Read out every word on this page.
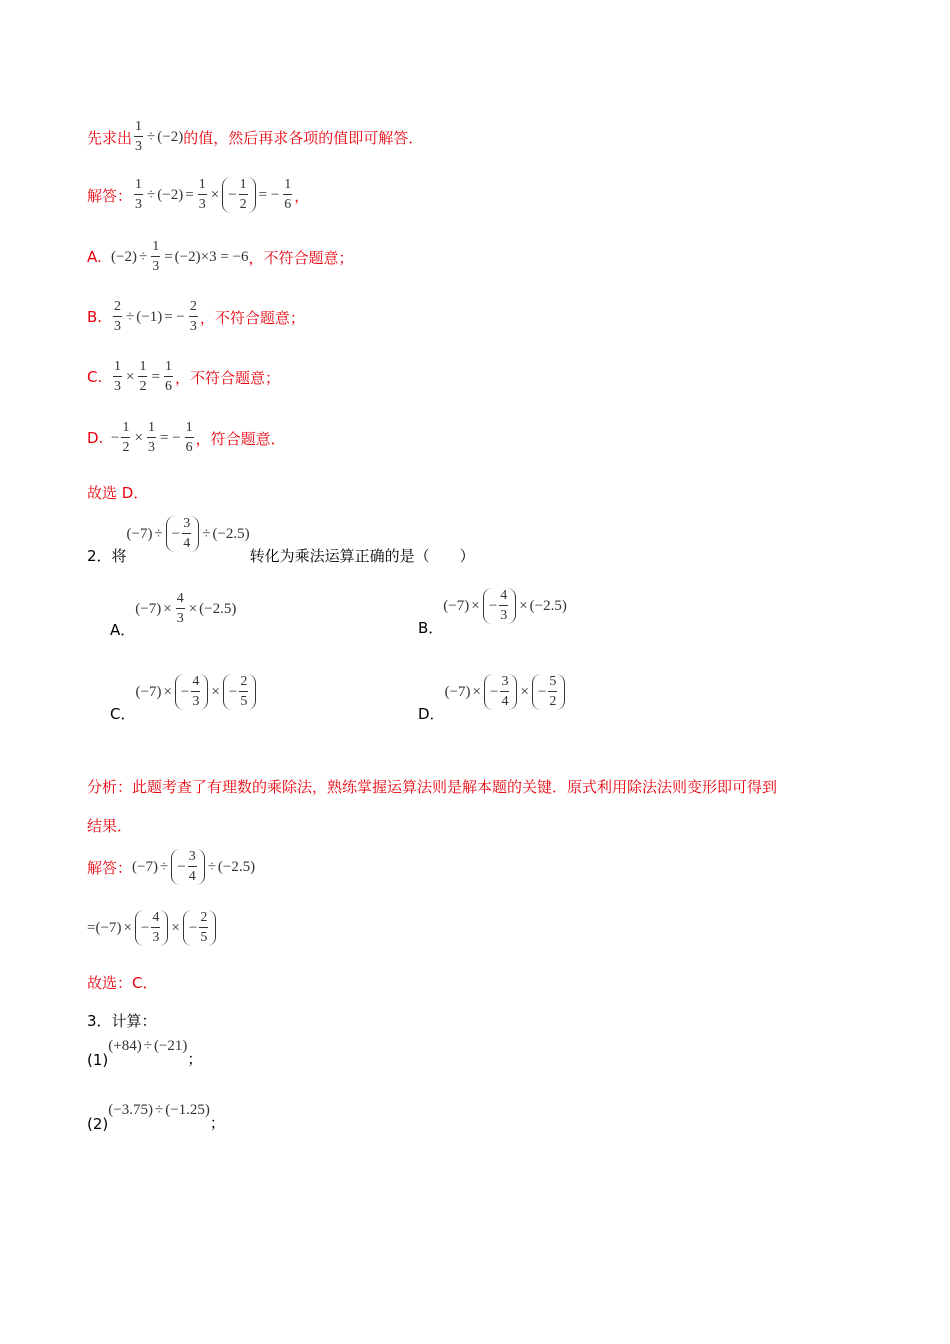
先求出 $\frac{1}{3}$ ÷ ( −2 ) 的值，然后再求各项的值即可解答．
解答： $\frac{1}{3}$ ÷ ( −2 ) = $\frac{1}{3}$ × − $\frac{1}{2}$ = − $\frac{1}{6}$ ，
A. ( −2 ) ÷ $\frac{1}{3}$ = ( −2 ) ×3 = −6 ，不符合题意；
B. $\frac{2}{3}$ ÷ ( −1 ) = − $\frac{2}{3}$ ，不符合题意；
C. $\frac{1}{3} \times \frac{1}{2} = \frac{1}{6}$ ，不符合题意；
D. − $\frac{1}{2} \times \frac{1}{3}$ = − $\frac{1}{6}$ ，符合题意．
故选 D．
2．将
( −7 ) ÷ − $\frac{3}{4}$ ÷ ( −2.5 )
转化为乘法运算正确的是（　　）
A．
( −7 ) × $\frac{4}{3}$ × ( −2.5 )
B．
( −7 ) × − $\frac{4}{3}$ × ( −2.5 )
C．
( −7 ) × − $\frac{4}{3}$ × − $\frac{2}{5}$
D．
( −7 ) × − $\frac{3}{4}$ × − $\frac{5}{2}$
分析：此题考查了有理数的乘除法，熟练掌握运算法则是解本题的关键．原式利用除法法则变形即可得到
结果．
解答： ( −7 ) ÷ − $\frac{3}{4}$ ÷ ( −2.5 )
= ( −7 ) × − $\frac{4}{3}$ × − $\frac{2}{5}$
故选：C．
3．计算：
(1)
( +84 ) ÷ ( −21 )
；
(2)
( −3.75 ) ÷ ( −1.25 )
；
